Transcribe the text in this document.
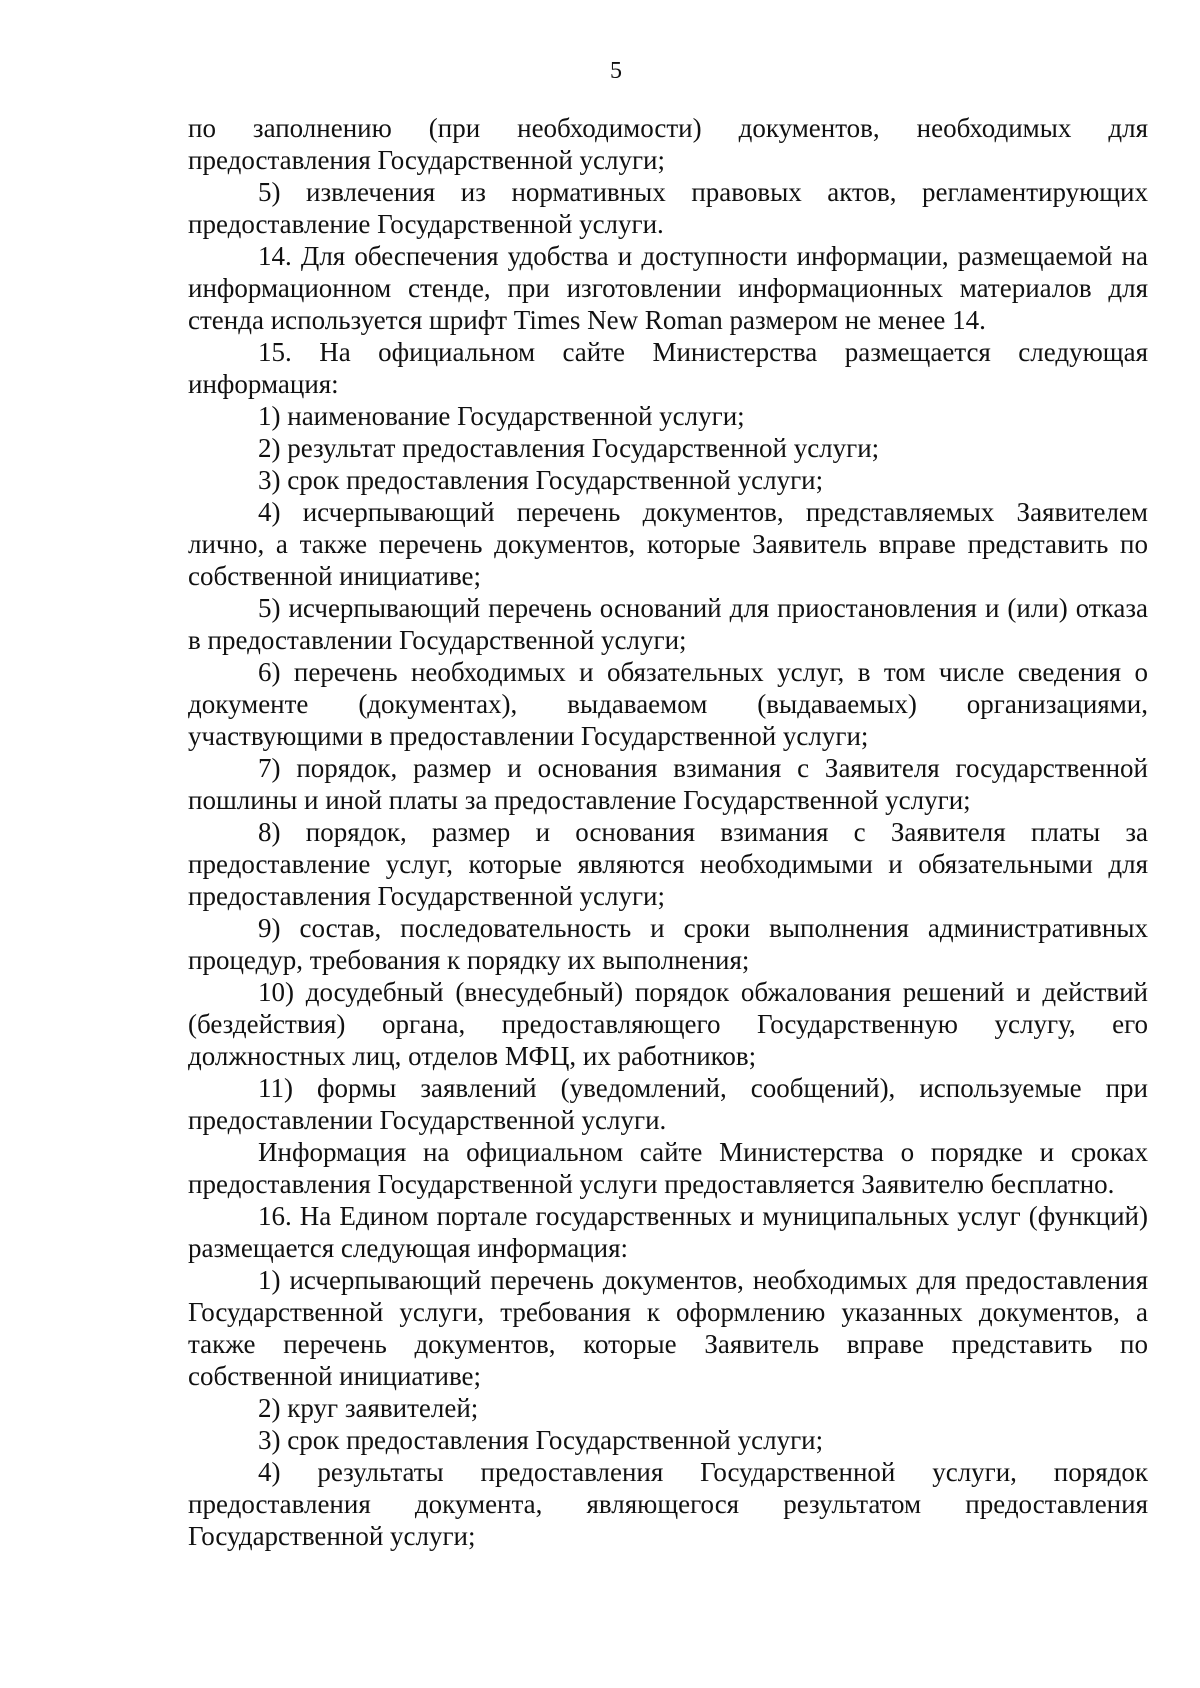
5

по заполнению (при необходимости) документов, необходимых для предоставления Государственной услуги;

5) извлечения из нормативных правовых актов, регламентирующих предоставление Государственной услуги.

14. Для обеспечения удобства и доступности информации, размещаемой на информационном стенде, при изготовлении информационных материалов для стенда используется шрифт Times New Roman размером не менее 14.

15. На официальном сайте Министерства размещается следующая информация:

1) наименование Государственной услуги;

2) результат предоставления Государственной услуги;

3) срок предоставления Государственной услуги;

4) исчерпывающий перечень документов, представляемых Заявителем лично, а также перечень документов, которые Заявитель вправе представить по собственной инициативе;

5) исчерпывающий перечень оснований для приостановления и (или) отказа в предоставлении Государственной услуги;

6) перечень необходимых и обязательных услуг, в том числе сведения о документе (документах), выдаваемом (выдаваемых) организациями, участвующими в предоставлении Государственной услуги;

7) порядок, размер и основания взимания с Заявителя государственной пошлины и иной платы за предоставление Государственной услуги;

8) порядок, размер и основания взимания с Заявителя платы за предоставление услуг, которые являются необходимыми и обязательными для предоставления Государственной услуги;

9) состав, последовательность и сроки выполнения административных процедур, требования к порядку их выполнения;

10) досудебный (внесудебный) порядок обжалования решений и действий (бездействия) органа, предоставляющего Государственную услугу, его должностных лиц, отделов МФЦ, их работников;

11) формы заявлений (уведомлений, сообщений), используемые при предоставлении Государственной услуги.

Информация на официальном сайте Министерства о порядке и сроках предоставления Государственной услуги предоставляется Заявителю бесплатно.

16. На Едином портале государственных и муниципальных услуг (функций) размещается следующая информация:

1) исчерпывающий перечень документов, необходимых для предоставления Государственной услуги, требования к оформлению указанных документов, а также перечень документов, которые Заявитель вправе представить по собственной инициативе;

2) круг заявителей;

3) срок предоставления Государственной услуги;

4) результаты предоставления Государственной услуги, порядок предоставления документа, являющегося результатом предоставления Государственной услуги;
